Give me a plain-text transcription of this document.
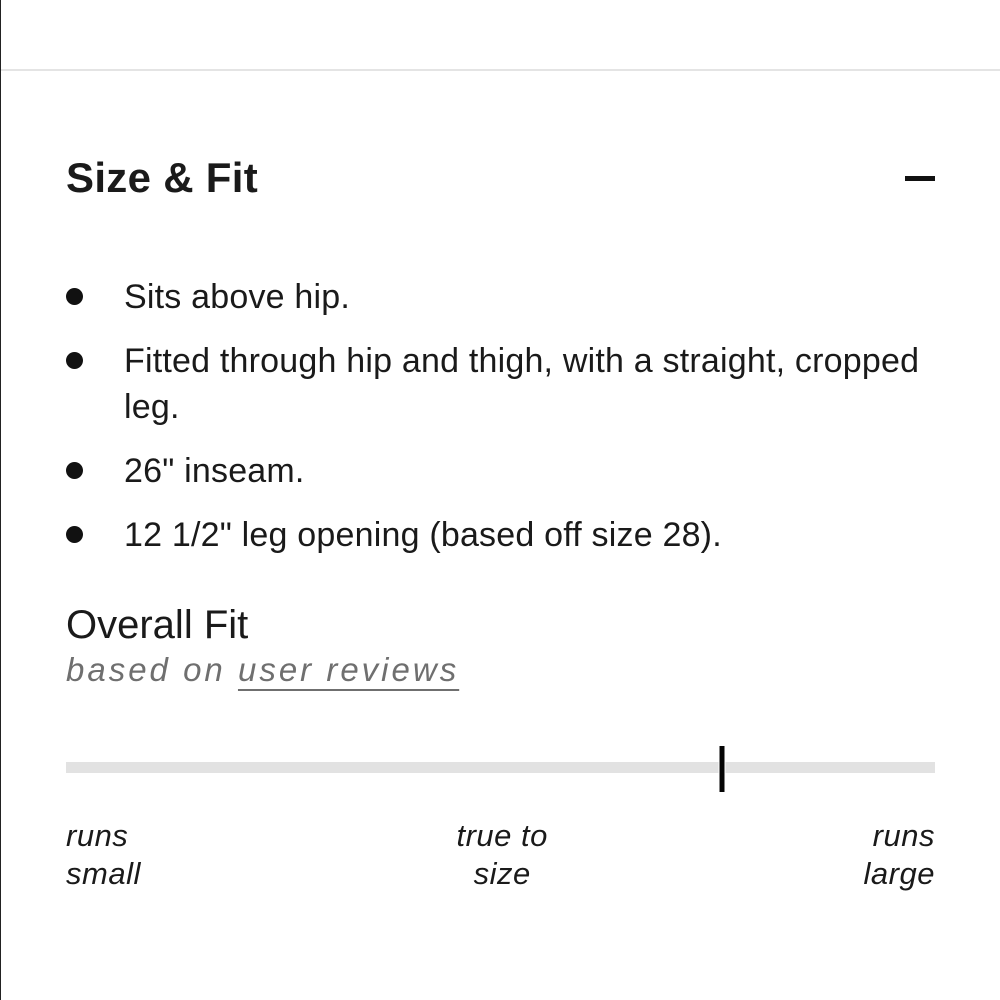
Size & Fit
Sits above hip.
Fitted through hip and thigh, with a straight, cropped leg.
26" inseam.
12 1/2" leg opening (based off size 28).
Overall Fit
based on user reviews
runs
small
true to
size
runs
large
